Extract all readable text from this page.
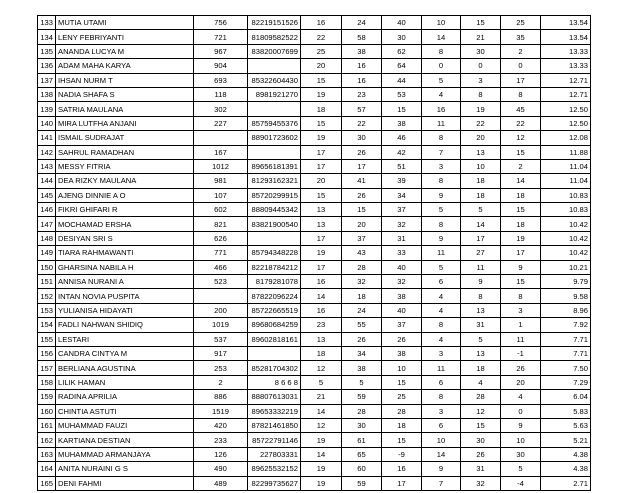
133	MUTIA UTAMI	756	82219151526	16	24	40	10	15	25	13.54
134	LENY FEBRIYANTI	721	81809582522	22	58	30	14	21	35	13.54
135	ANANDA LUCYA M	967	83820007699	25	38	62	8	30	2	13.33
136	ADAM MAHA KARYA	904		20	16	64	0	0	0	13.33
137	IHSAN NURM T	693	85322604430	15	16	44	5	3	17	12.71
138	NADIA SHAFA S	118	8981921270	19	23	53	4	8	8	12.71
139	SATRIA MAULANA	302		18	57	15	16	19	45	12.50
140	MIRA LUTFHA ANJANI	227	85759455376	15	22	38	11	22	22	12.50
141	ISMAIL SUDRAJAT		88901723602	19	30	46	8	20	12	12.08
142	SAHRUL RAMADHAN	167		17	26	42	7	13	15	11.88
143	MESSY FITRIA	1012	89656181391	17	17	51	3	10	2	11.04
144	DEA RIZKY MAULANA	981	81293162321	20	41	39	8	18	14	11.04
145	AJENG DINNIE A O	107	85720299915	15	26	34	9	18	18	10.83
146	FIKRI GHIFARI R	602	88809445342	13	15	37	5	5	15	10.83
147	MOCHAMAD ERSHA	821	83821900540	13	20	32	8	14	18	10.42
148	DESIYAN SRI S	626		17	37	31	9	17	19	10.42
149	TIARA RAHMAWANTI	771	85794348228	19	43	33	11	27	17	10.42
150	GHARSINA NABILA H	466	82218784212	17	28	40	5	11	9	10.21
151	ANNISA NURANI A	523	8179281078	16	32	32	6	9	15	9.79
152	INTAN NOVIA PUSPITA		87822096224	14	18	38	4	8	8	9.58
153	YULIANISA HIDAYATI	200	85722665519	16	24	40	4	13	3	8.96
154	FADLI NAHWAN SHIDIQ	1019	89680684259	23	55	37	8	31	1	7.92
155	LESTARI	537	89602818161	13	26	26	4	5	11	7.71
156	CANDRA CINTYA M	917		18	34	38	3	13	-1	7.71
157	BERLIANA AGUSTINA	253	85281704302	12	38	10	11	18	26	7.50
158	LILIK HAMAN	2	8 6 6 8	5	5	15	6	4	20	7.29
159	RADINA APRILIA	886	88807613031	21	59	25	8	28	4	6.04
160	CHINTIA ASTUTI	1519	89653332219	14	28	28	3	12	0	5.83
161	MUHAMMAD FAUZI	420	87821461850	12	30	18	6	15	9	5.63
162	KARTIANA DESTIAN	233	85722791146	19	61	15	10	30	10	5.21
163	MUHAMMAD ARMANJAYA	126	227803331	14	65	-9	14	26	30	4.38
164	ANITA NURAINI G S	490	89625532152	19	60	16	9	31	5	4.38
165	DENI FAHMI	489	82299735627	19	59	17	7	32	-4	2.71
